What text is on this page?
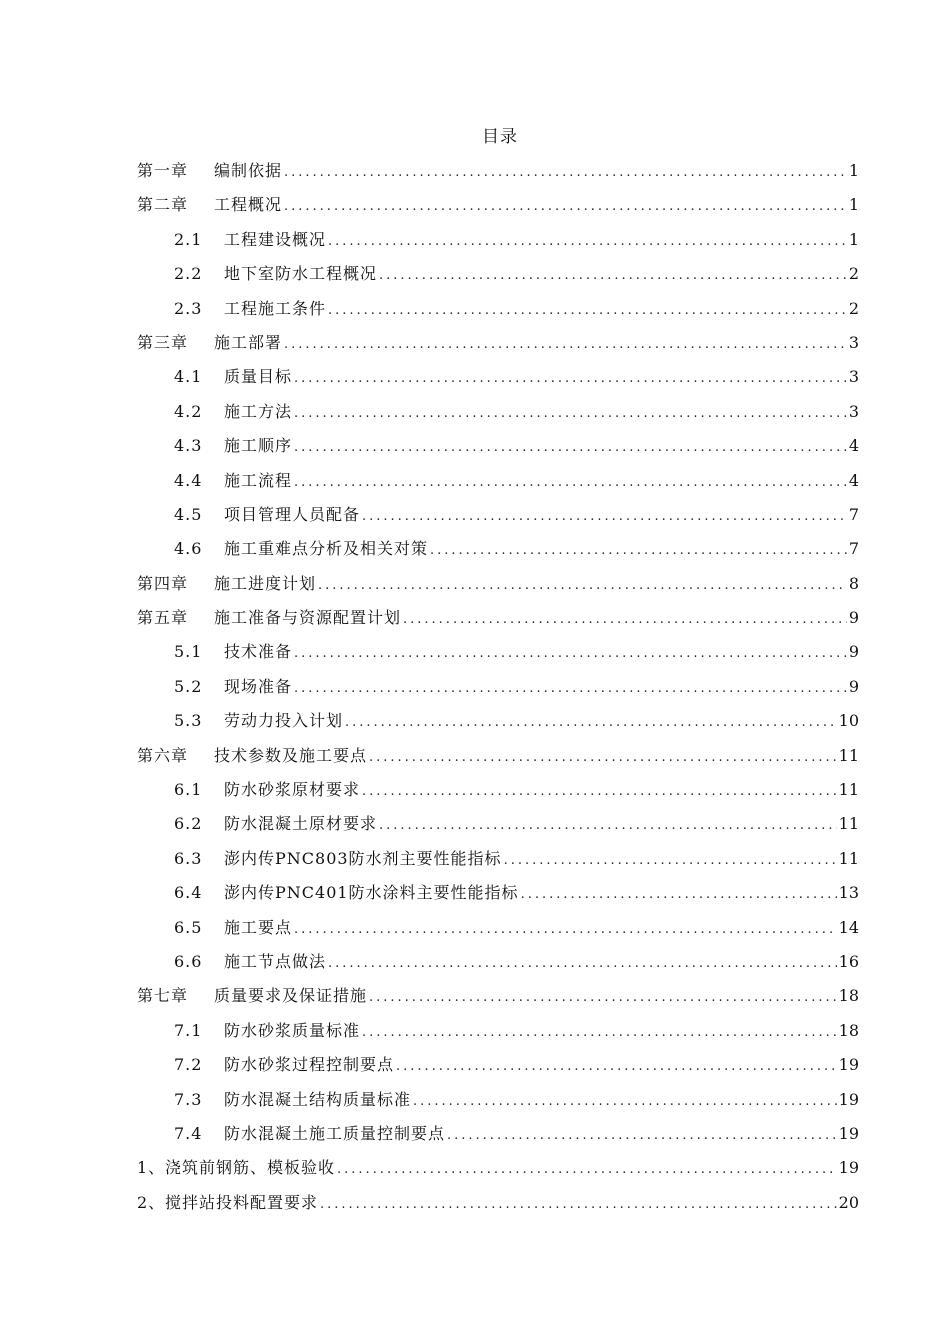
目录
第一章	编制依据 .....	1
第二章	工程概况 .....	1
2.1	工程建设概况 .....	1
2.2	地下室防水工程概况 .....	2
2.3	工程施工条件 .....	2
第三章	施工部署 .....	3
4.1	质量目标 .....	3
4.2	施工方法 .....	3
4.3	施工顺序 .....	4
4.4	施工流程 .....	4
4.5	项目管理人员配备 .....	7
4.6	施工重难点分析及相关对策 .....	7
第四章	施工进度计划 .....	8
第五章	施工准备与资源配置计划 .....	9
5.1	技术准备 .....	9
5.2	现场准备 .....	9
5.3	劳动力投入计划 .....	10
第六章	技术参数及施工要点 .....	11
6.1	防水砂浆原材要求 .....	11
6.2	防水混凝土原材要求 .....	11
6.3	澎内传PNC803防水剂主要性能指标 .....	11
6.4	澎内传PNC401防水涂料主要性能指标 .....	13
6.5	施工要点 .....	14
6.6	施工节点做法 .....	16
第七章	质量要求及保证措施 .....	18
7.1	防水砂浆质量标准 .....	18
7.2	防水砂浆过程控制要点 .....	19
7.3	防水混凝土结构质量标准 .....	19
7.4	防水混凝土施工质量控制要点 .....	19
1、 浇筑前钢筋、模板验收 .....	19
2、 搅拌站投料配置要求 .....	20
